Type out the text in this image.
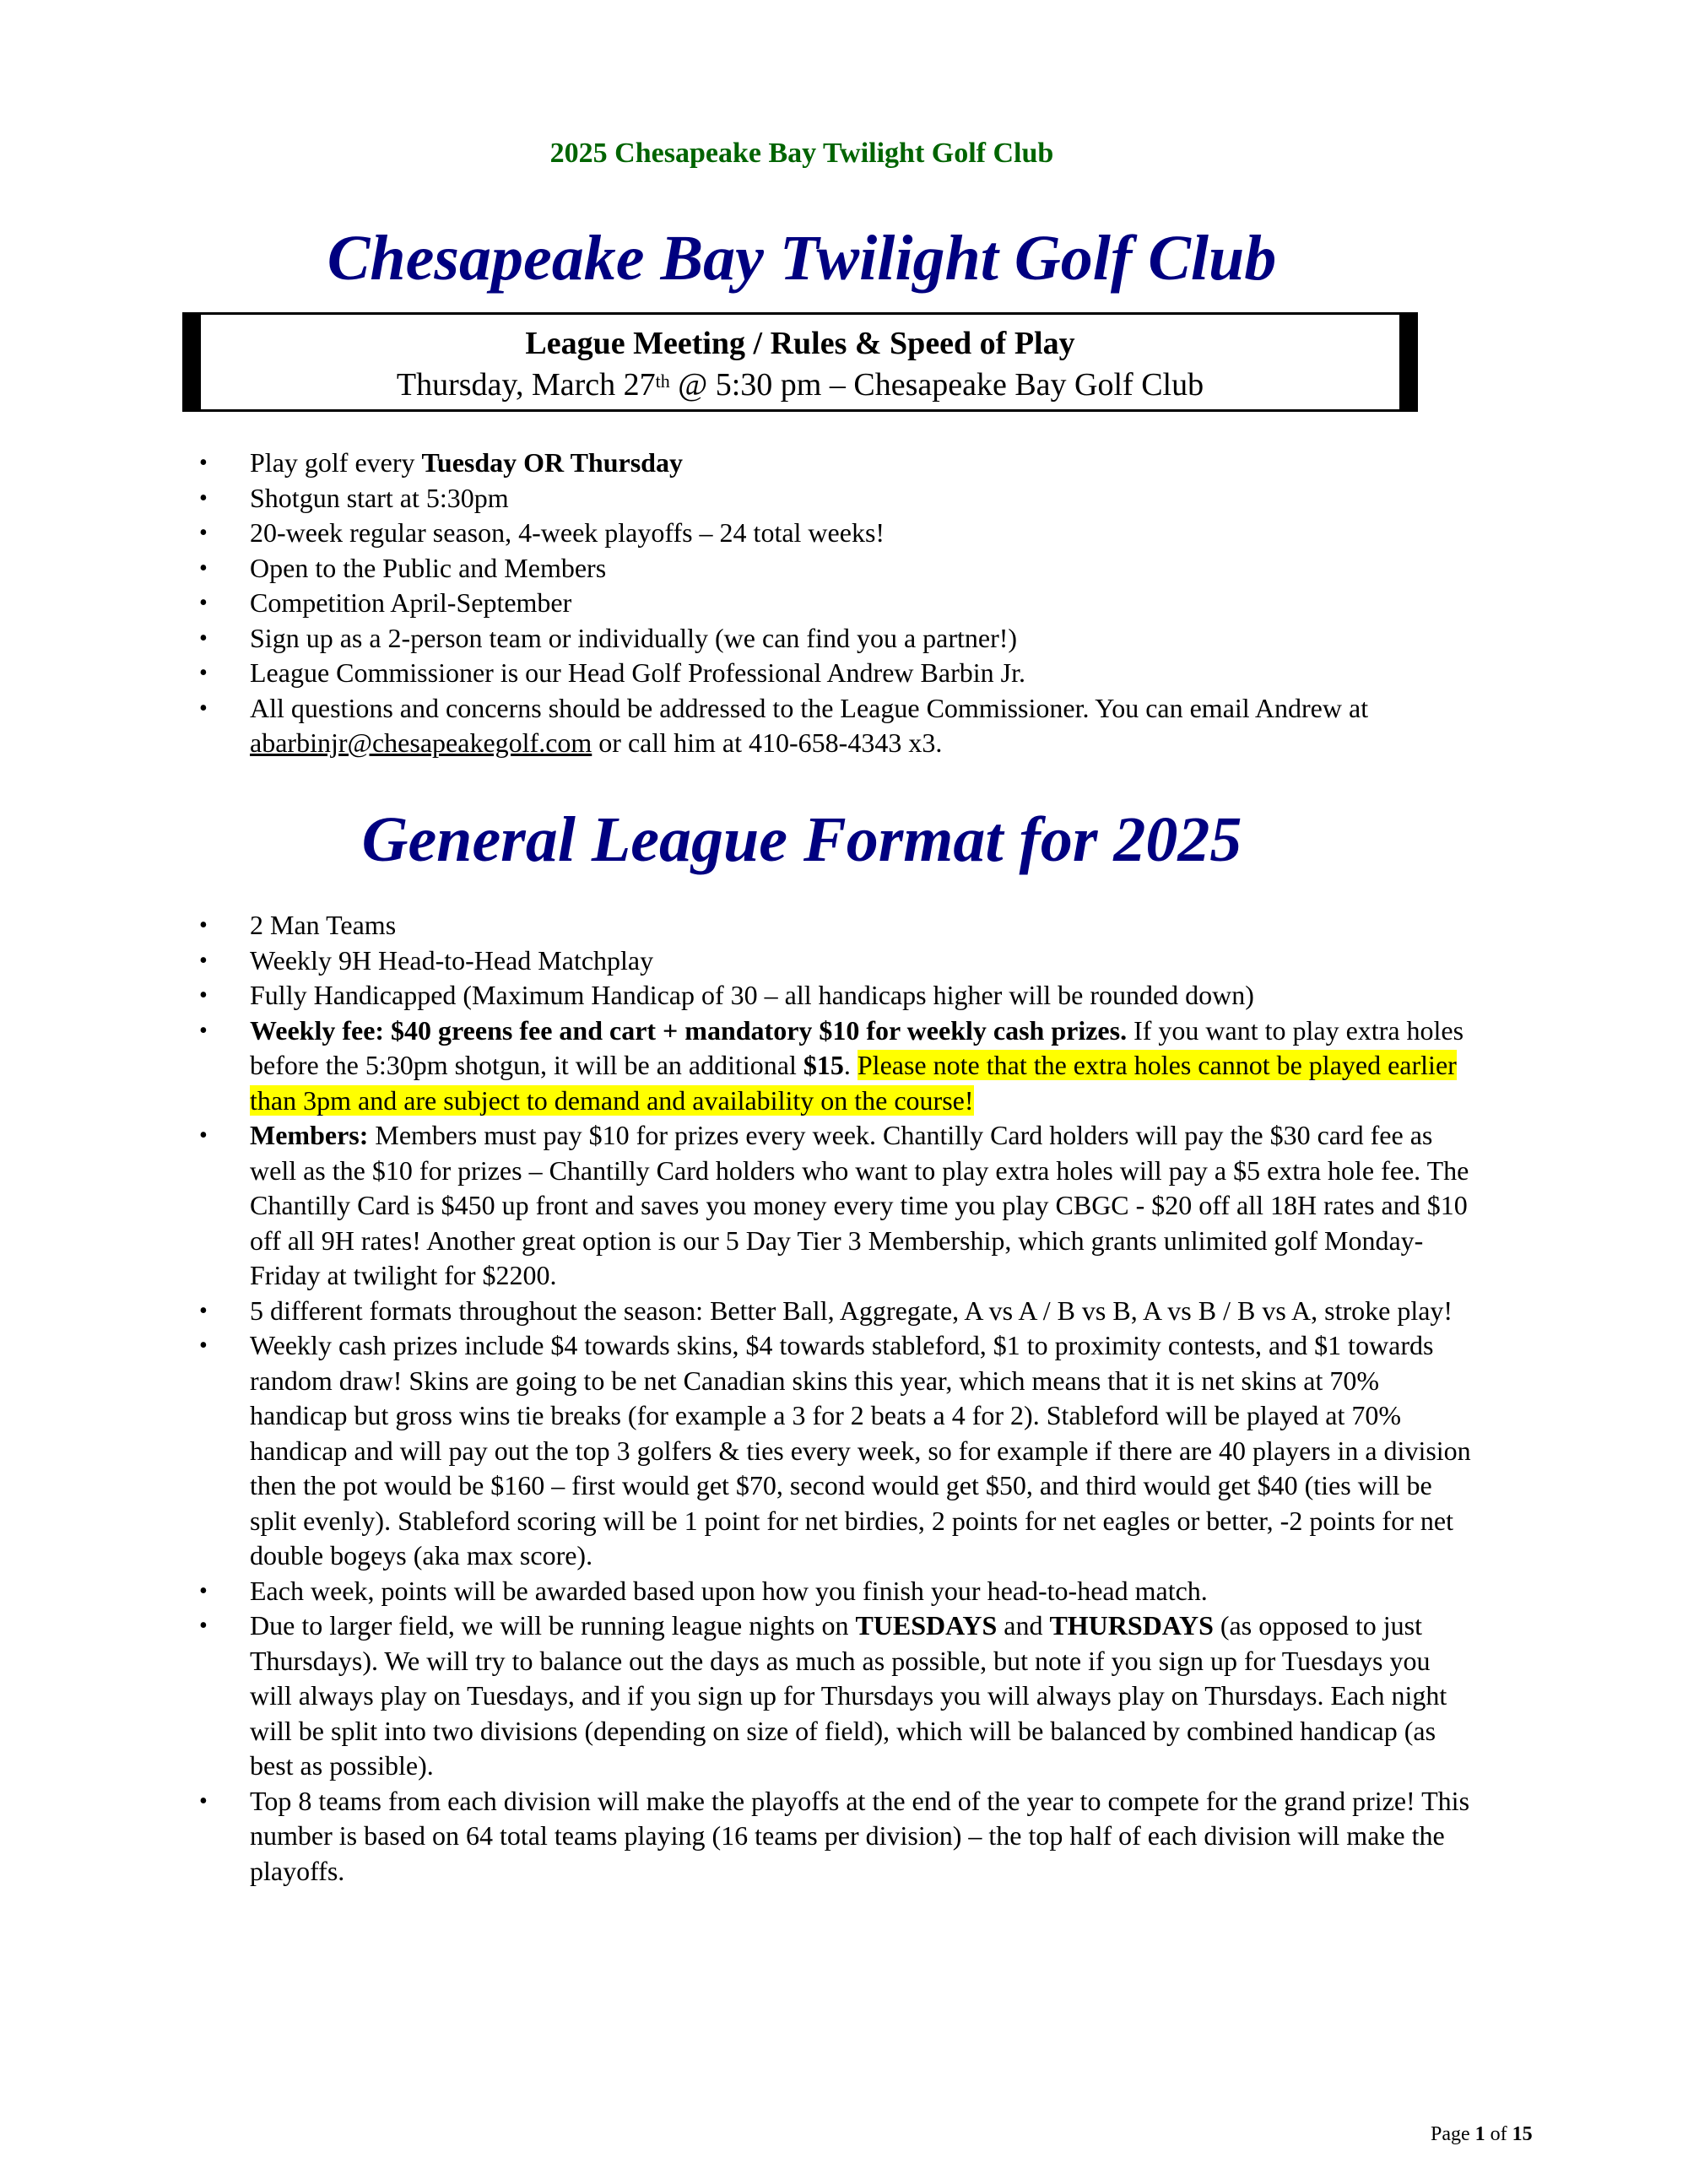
2025 Chesapeake Bay Twilight Golf Club
Chesapeake Bay Twilight Golf Club
League Meeting / Rules & Speed of Play
Thursday, March 27th @ 5:30 pm – Chesapeake Bay Golf Club
• Play golf every Tuesday OR Thursday
• Shotgun start at 5:30pm
• 20-week regular season, 4-week playoffs – 24 total weeks!
• Open to the Public and Members
• Competition April-September
• Sign up as a 2-person team or individually (we can find you a partner!)
• League Commissioner is our Head Golf Professional Andrew Barbin Jr.
• All questions and concerns should be addressed to the League Commissioner. You can email Andrew at abarbinjr@chesapeakegolf.com or call him at 410-658-4343 x3.
General League Format for 2025
• 2 Man Teams
• Weekly 9H Head-to-Head Matchplay
• Fully Handicapped (Maximum Handicap of 30 – all handicaps higher will be rounded down)
• Weekly fee: $40 greens fee and cart + mandatory $10 for weekly cash prizes. If you want to play extra holes before the 5:30pm shotgun, it will be an additional $15. Please note that the extra holes cannot be played earlier than 3pm and are subject to demand and availability on the course!
• Members: Members must pay $10 for prizes every week. Chantilly Card holders will pay the $30 card fee as well as the $10 for prizes – Chantilly Card holders who want to play extra holes will pay a $5 extra hole fee. The Chantilly Card is $450 up front and saves you money every time you play CBGC - $20 off all 18H rates and $10 off all 9H rates! Another great option is our 5 Day Tier 3 Membership, which grants unlimited golf Monday-Friday at twilight for $2200.
• 5 different formats throughout the season: Better Ball, Aggregate, A vs A / B vs B, A vs B / B vs A, stroke play!
• Weekly cash prizes include $4 towards skins, $4 towards stableford, $1 to proximity contests, and $1 towards random draw! Skins are going to be net Canadian skins this year, which means that it is net skins at 70% handicap but gross wins tie breaks (for example a 3 for 2 beats a 4 for 2). Stableford will be played at 70% handicap and will pay out the top 3 golfers & ties every week, so for example if there are 40 players in a division then the pot would be $160 – first would get $70, second would get $50, and third would get $40 (ties will be split evenly). Stableford scoring will be 1 point for net birdies, 2 points for net eagles or better, -2 points for net double bogeys (aka max score).
• Each week, points will be awarded based upon how you finish your head-to-head match.
• Due to larger field, we will be running league nights on TUESDAYS and THURSDAYS (as opposed to just Thursdays). We will try to balance out the days as much as possible, but note if you sign up for Tuesdays you will always play on Tuesdays, and if you sign up for Thursdays you will always play on Thursdays. Each night will be split into two divisions (depending on size of field), which will be balanced by combined handicap (as best as possible).
• Top 8 teams from each division will make the playoffs at the end of the year to compete for the grand prize! This number is based on 64 total teams playing (16 teams per division) – the top half of each division will make the playoffs.
Page 1 of 15
